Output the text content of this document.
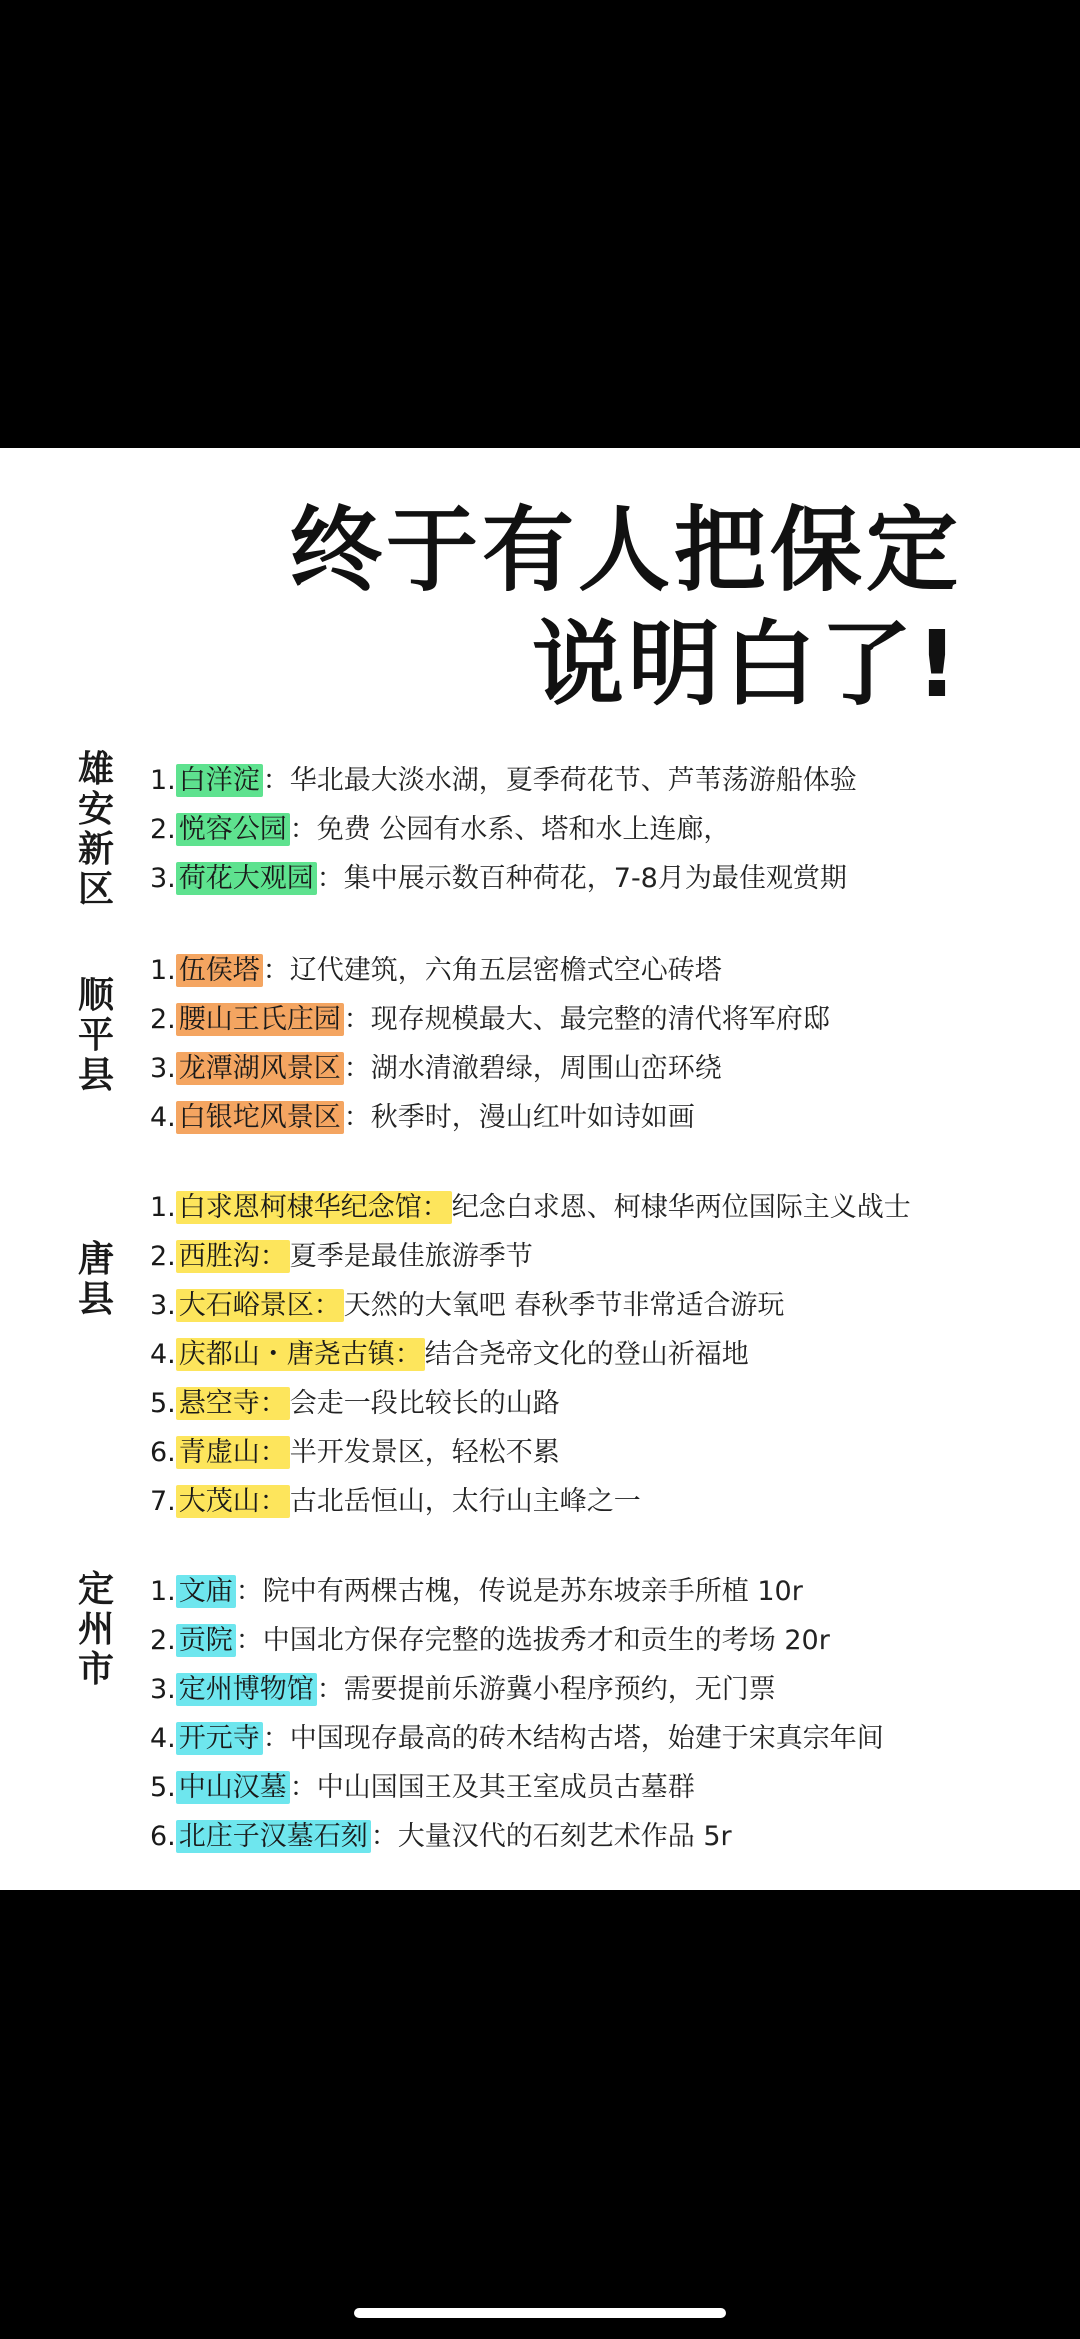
终于有人把保定
说明白了!
雄
安
新
区
1. 白洋淀 ：华北最大淡水湖，夏季荷花节、芦苇荡游船体验
2. 悦容公园 ：免费 公园有水系、塔和水上连廊，
3. 荷花大观园 ：集中展示数百种荷花，7-8月为最佳观赏期
顺
平
县
1. 伍侯塔 ：辽代建筑，六角五层密檐式空心砖塔
2. 腰山王氏庄园 ：现存规模最大、最完整的清代将军府邸
3. 龙潭湖风景区 ：湖水清澈碧绿，周围山峦环绕
4. 白银坨风景区 ：秋季时，漫山红叶如诗如画
唐
县
1. 白求恩柯棣华纪念馆： 纪念白求恩、柯棣华两位国际主义战士
2. 西胜沟： 夏季是最佳旅游季节
3. 大石峪景区： 天然的大氧吧 春秋季节非常适合游玩
4. 庆都山・唐尧古镇： 结合尧帝文化的登山祈福地
5. 悬空寺： 会走一段比较长的山路
6. 青虚山： 半开发景区，轻松不累
7. 大茂山： 古北岳恒山，太行山主峰之一
定
州
市
1. 文庙 ：院中有两棵古槐，传说是苏东坡亲手所植 10r
2. 贡院 ：中国北方保存完整的选拔秀才和贡生的考场 20r
3. 定州博物馆 ：需要提前乐游冀小程序预约，无门票
4. 开元寺 ：中国现存最高的砖木结构古塔，始建于宋真宗年间
5. 中山汉墓 ：中山国国王及其王室成员古墓群
6. 北庄子汉墓石刻 ：大量汉代的石刻艺术作品 5r
